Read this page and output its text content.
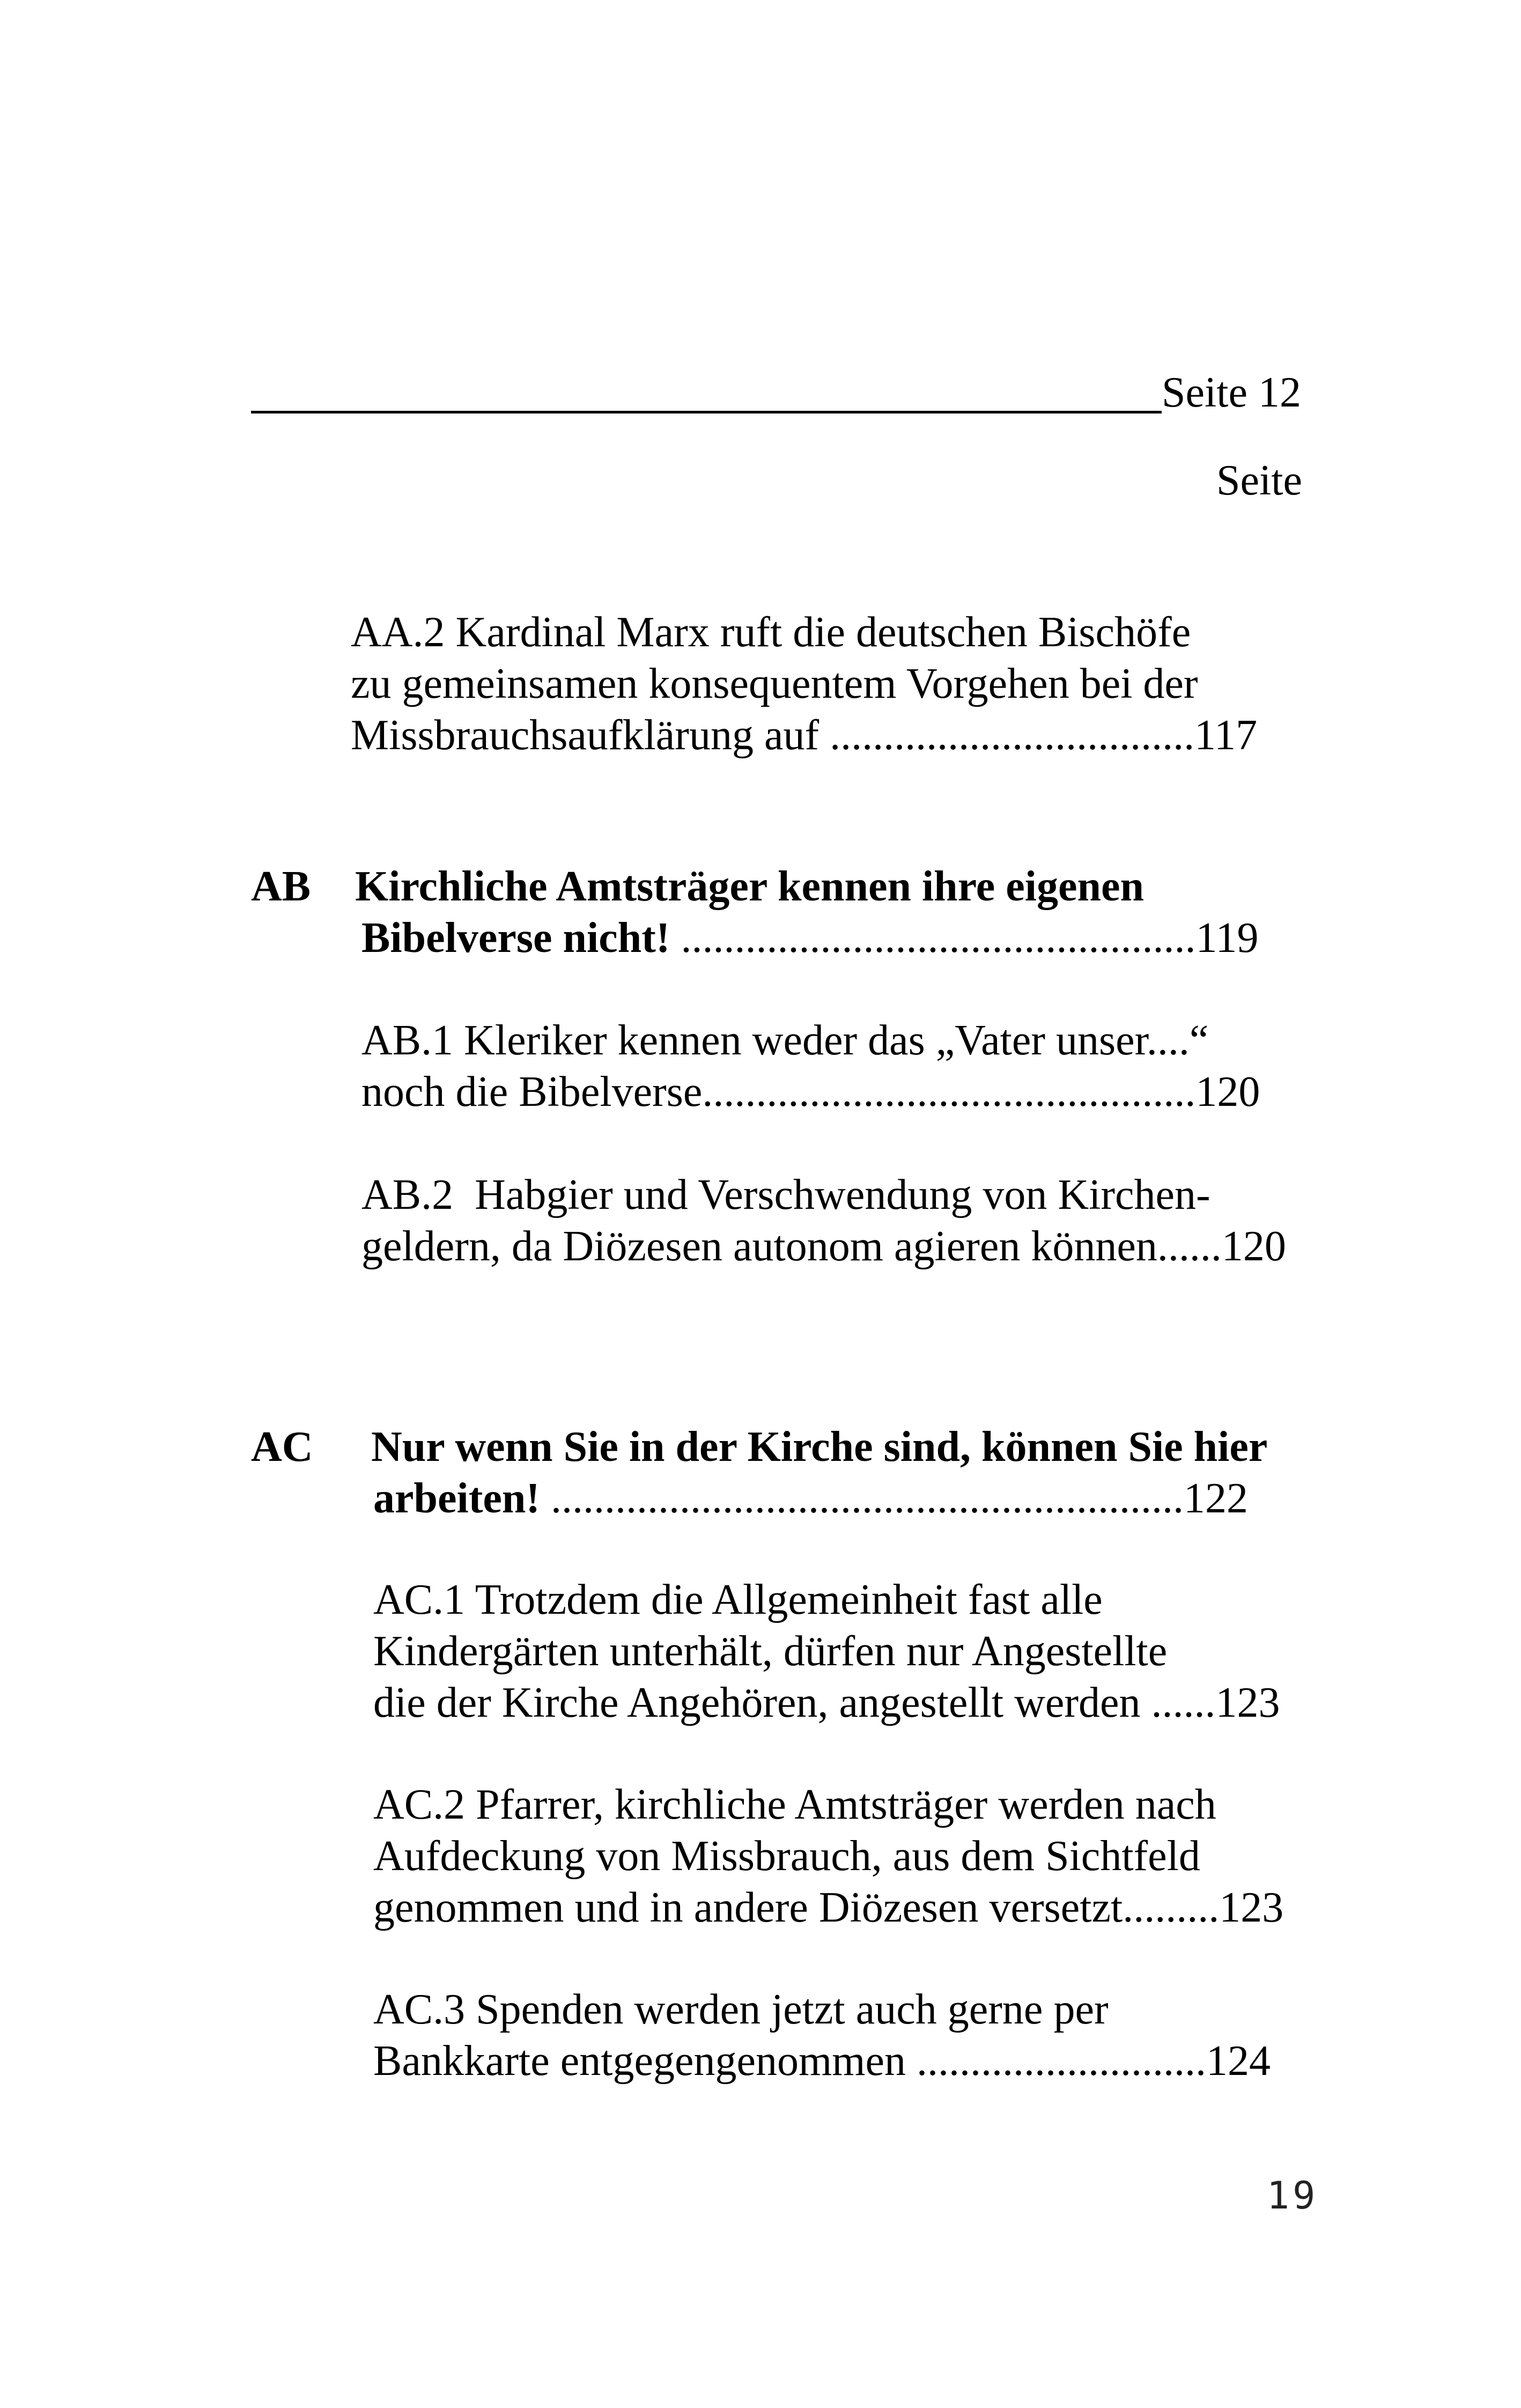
Seite 12
Seite
AA.2 Kardinal Marx ruft die deutschen Bischöfe
zu gemeinsamen konsequentem Vorgehen bei der
Missbrauchsaufklärung auf ..................................117
AB Kirchliche Amtsträger kennen ihre eigenen
Bibelverse nicht! ................................................119
AB.1 Kleriker kennen weder das „Vater unser....“
noch die Bibelverse..............................................120
AB.2  Habgier und Verschwendung von Kirchen-
geldern, da Diözesen autonom agieren können......120
AC Nur wenn Sie in der Kirche sind, können Sie hier
arbeiten! ...........................................................122
AC.1 Trotzdem die Allgemeinheit fast alle
Kindergärten unterhält, dürfen nur Angestellte
die der Kirche Angehören, angestellt werden ......123
AC.2 Pfarrer, kirchliche Amtsträger werden nach
Aufdeckung von Missbrauch, aus dem Sichtfeld
genommen und in andere Diözesen versetzt.........123
AC.3 Spenden werden jetzt auch gerne per
Bankkarte entgegengenommen ...........................124
19
